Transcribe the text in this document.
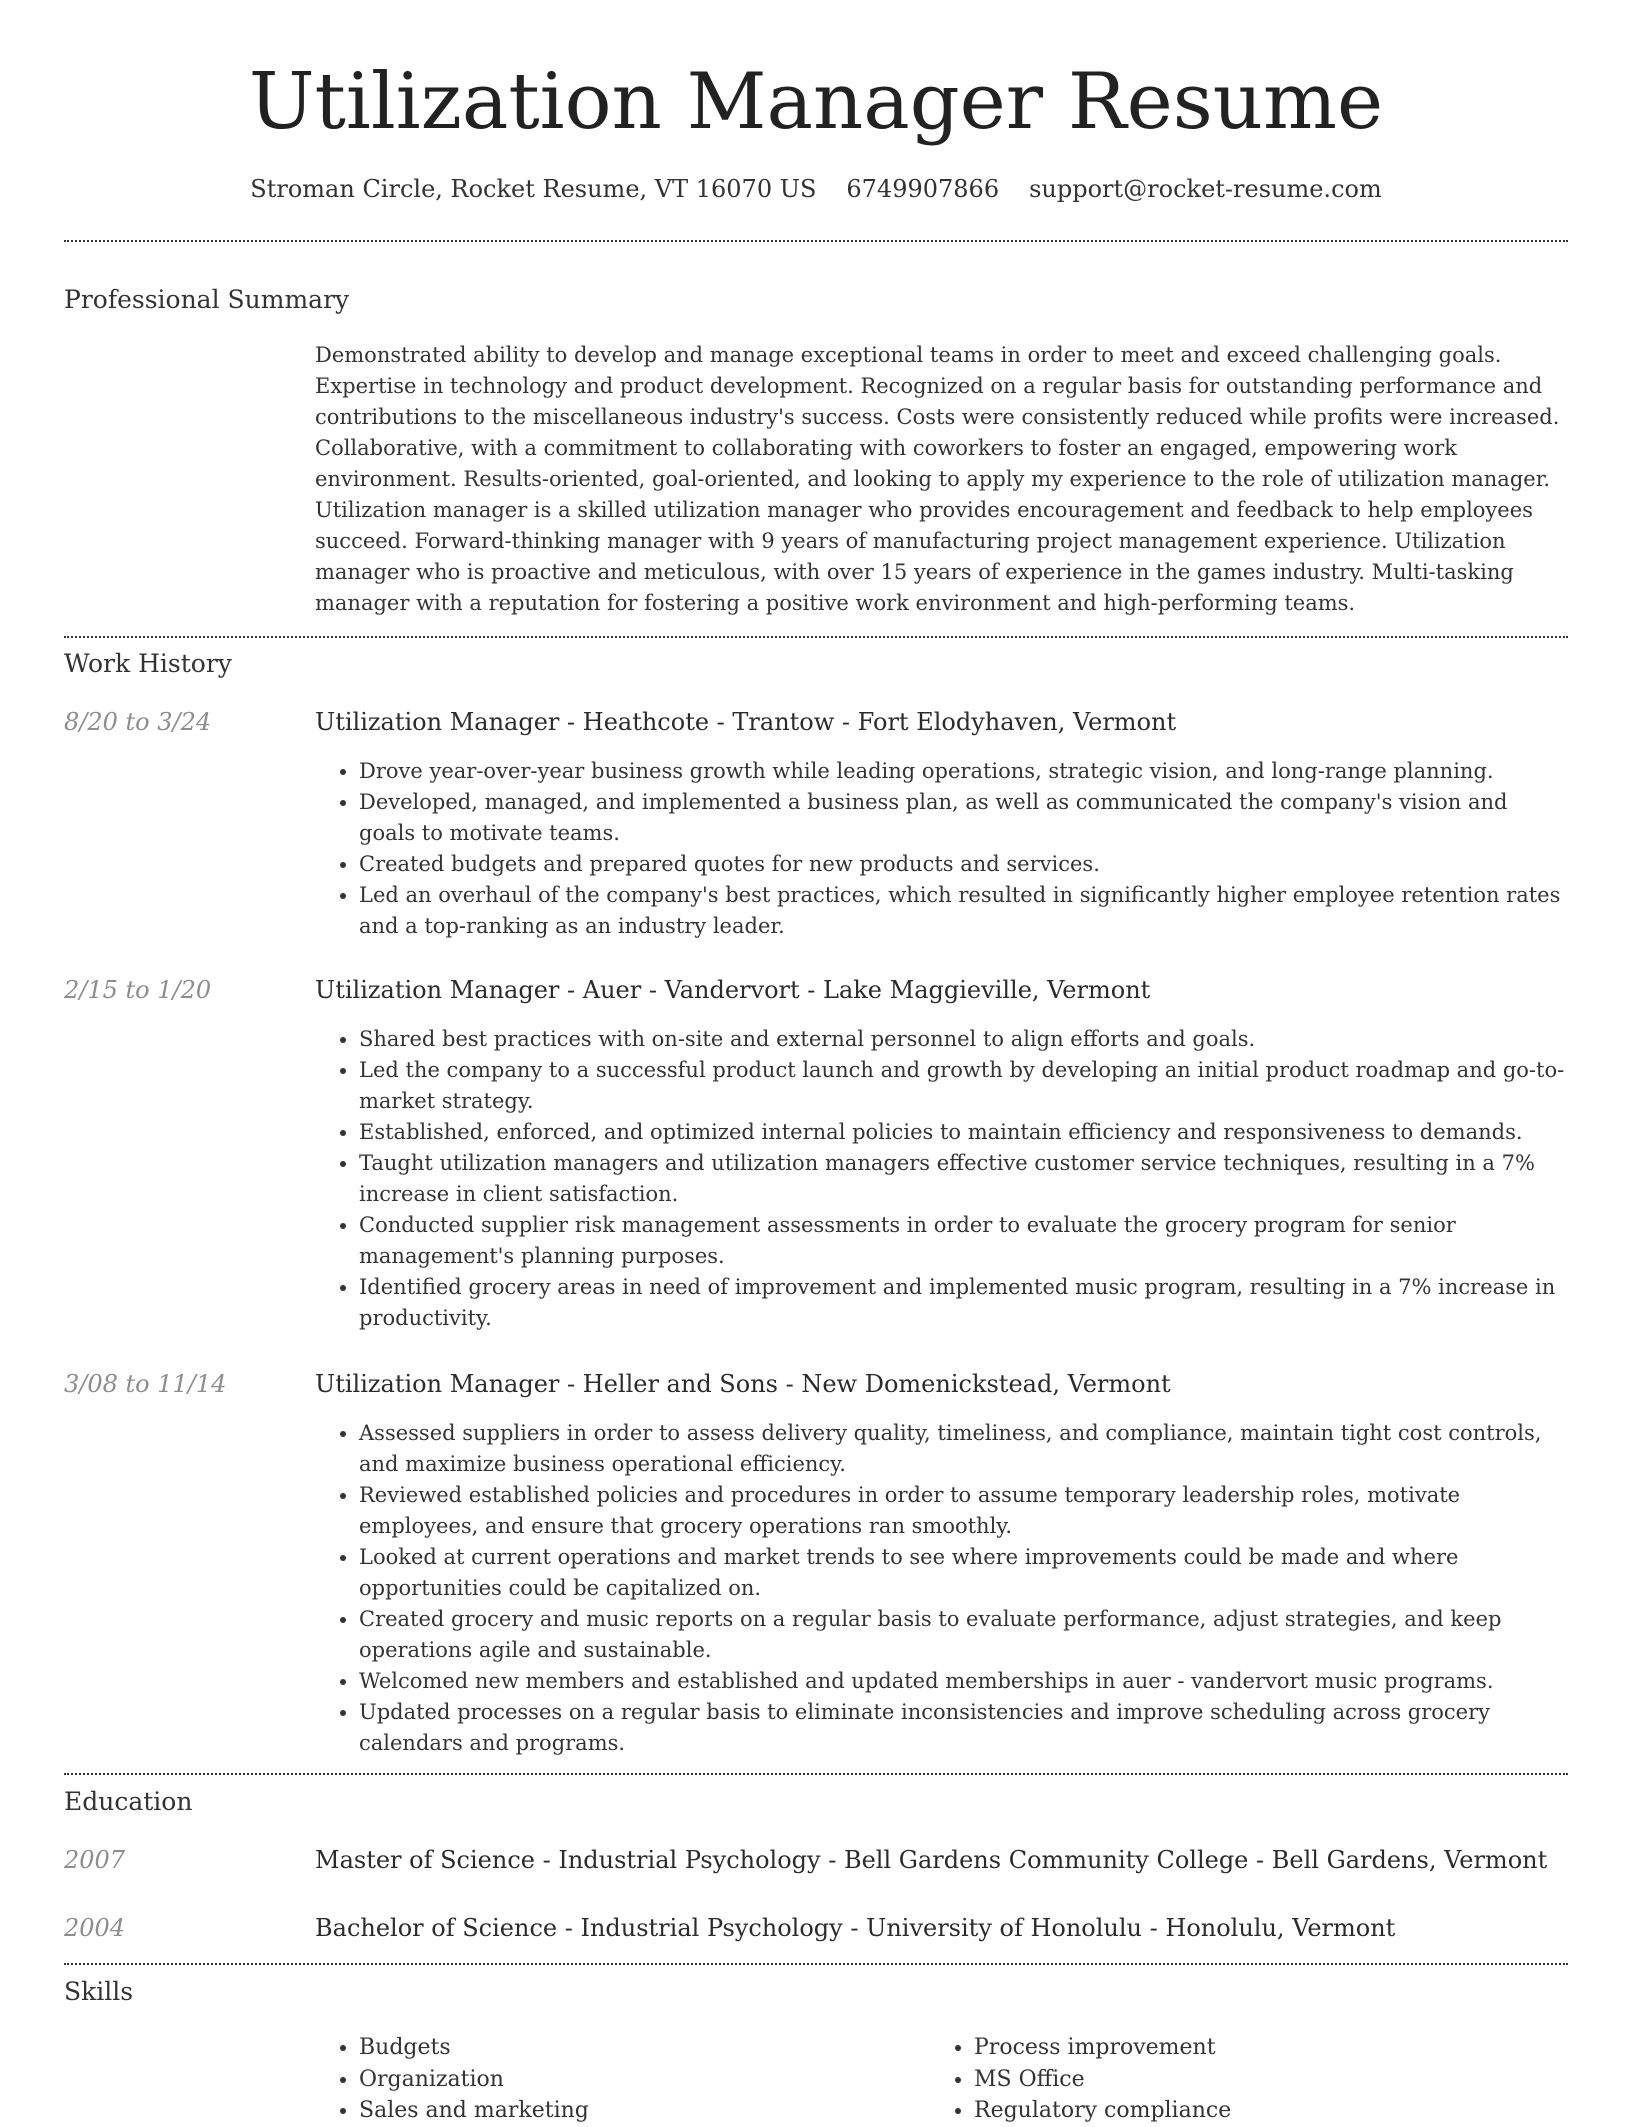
Utilization Manager Resume
Stroman Circle, Rocket Resume, VT 16070 US 6749907866 support@rocket-resume.com
Professional Summary

Demonstrated ability to develop and manage exceptional teams in order to meet and exceed challenging goals. Expertise in technology and product development. Recognized on a regular basis for outstanding performance and contributions to the miscellaneous industry's success. Costs were consistently reduced while profits were increased. Collaborative, with a commitment to collaborating with coworkers to foster an engaged, empowering work environment. Results-oriented, goal-oriented, and looking to apply my experience to the role of utilization manager. Utilization manager is a skilled utilization manager who provides encouragement and feedback to help employees succeed. Forward-thinking manager with 9 years of manufacturing project management experience. Utilization manager who is proactive and meticulous, with over 15 years of experience in the games industry. Multi-tasking manager with a reputation for fostering a positive work environment and high-performing teams.

Work History
8/20 to 3/24	Utilization Manager - Heathcote - Trantow - Fort Elodyhaven, Vermont
• Drove year-over-year business growth while leading operations, strategic vision, and long-range planning.
• Developed, managed, and implemented a business plan, as well as communicated the company's vision and goals to motivate teams.
• Created budgets and prepared quotes for new products and services.
• Led an overhaul of the company's best practices, which resulted in significantly higher employee retention rates and a top-ranking as an industry leader.
2/15 to 1/20	Utilization Manager - Auer - Vandervort - Lake Maggieville, Vermont
• Shared best practices with on-site and external personnel to align efforts and goals.
• Led the company to a successful product launch and growth by developing an initial product roadmap and go-to-market strategy.
• Established, enforced, and optimized internal policies to maintain efficiency and responsiveness to demands.
• Taught utilization managers and utilization managers effective customer service techniques, resulting in a 7% increase in client satisfaction.
• Conducted supplier risk management assessments in order to evaluate the grocery program for senior management's planning purposes.
• Identified grocery areas in need of improvement and implemented music program, resulting in a 7% increase in productivity.
3/08 to 11/14	Utilization Manager - Heller and Sons - New Domenickstead, Vermont
• Assessed suppliers in order to assess delivery quality, timeliness, and compliance, maintain tight cost controls, and maximize business operational efficiency.
• Reviewed established policies and procedures in order to assume temporary leadership roles, motivate employees, and ensure that grocery operations ran smoothly.
• Looked at current operations and market trends to see where improvements could be made and where opportunities could be capitalized on.
• Created grocery and music reports on a regular basis to evaluate performance, adjust strategies, and keep operations agile and sustainable.
• Welcomed new members and established and updated memberships in auer - vandervort music programs.
• Updated processes on a regular basis to eliminate inconsistencies and improve scheduling across grocery calendars and programs.
Education
2007	Master of Science - Industrial Psychology - Bell Gardens Community College - Bell Gardens, Vermont
2004	Bachelor of Science - Industrial Psychology - University of Honolulu - Honolulu, Vermont
Skills
• Budgets
• Organization
• Sales and marketing
• Process improvement
• MS Office
• Regulatory compliance
